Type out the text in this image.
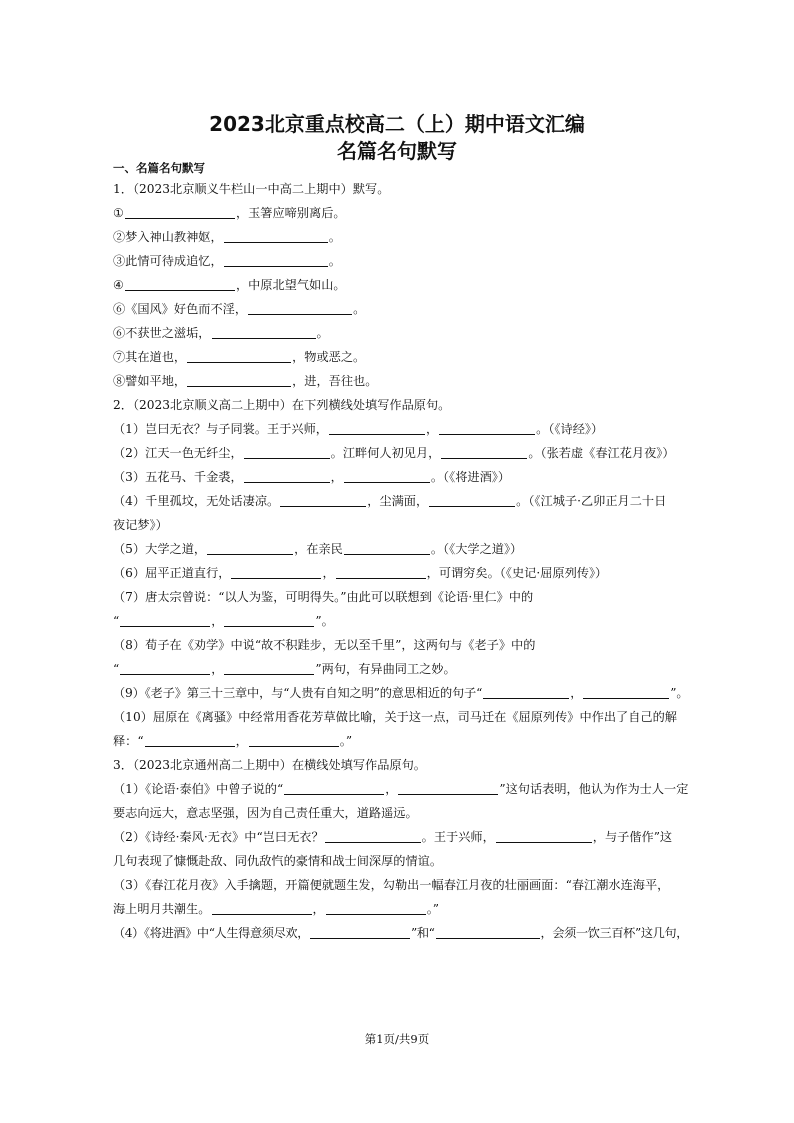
2023北京重点校高二（上）期中语文汇编
名篇名句默写
一、名篇名句默写
1．（2023北京顺义牛栏山一中高二上期中）默写。
①	，玉箸应啼别离后。
②梦入神山教神妪，	。
③此情可待成追忆，	。
④	，中原北望气如山。
⑥《国风》好色而不淫，	。
⑥不获世之滋垢，	。
⑦其在道也，	，物或恶之。
⑧譬如平地，	，进，吾往也。
2．（2023北京顺义高二上期中）在下列横线处填写作品原句。
（1）岂曰无衣？与子同裳。王于兴师，	，	。（《诗经》）
（2）江天一色无纤尘，	。江畔何人初见月，	。（张若虚《春江花月夜》）
（3）五花马、千金裘，	，	。（《将进酒》）
（4）千里孤坟，无处话凄凉。	，尘满面，	。（《江城子·乙卯正月二十日
夜记梦》）
（5）大学之道，	，在亲民	。（《大学之道》）
（6）屈平正道直行，	，	，可谓穷矣。（《史记·屈原列传》）
（7）唐太宗曾说：“以人为鉴，可明得失。”由此可以联想到《论语·里仁》中的
“	，	”。
（8）荀子在《劝学》中说“故不积跬步，无以至千里”，这两句与《老子》中的
“	，	”两句，有异曲同工之妙。
（9）《老子》第三十三章中，与“人贵有自知之明”的意思相近的句子“	，	”。
（10）屈原在《离骚》中经常用香花芳草做比喻，关于这一点，司马迁在《屈原列传》中作出了自己的解
释：“	，	。”
3．（2023北京通州高二上期中）在横线处填写作品原句。
（1）《论语·泰伯》中曾子说的“	，	”这句话表明，他认为作为士人一定
要志向远大，意志坚强，因为自己责任重大，道路遥远。
（2）《诗经·秦风·无衣》中“岂曰无衣？	。王于兴师，	，与子偕作”这
几句表现了慷慨赴敌、同仇敌忾的豪情和战士间深厚的情谊。
（3）《春江花月夜》入手擒题，开篇便就题生发，勾勒出一幅春江月夜的壮丽画面：“春江潮水连海平，
海上明月共潮生。	，	。”
（4）《将进酒》中“人生得意须尽欢，	”和“	，会须一饮三百杯”这几句，
第1页/共9页
